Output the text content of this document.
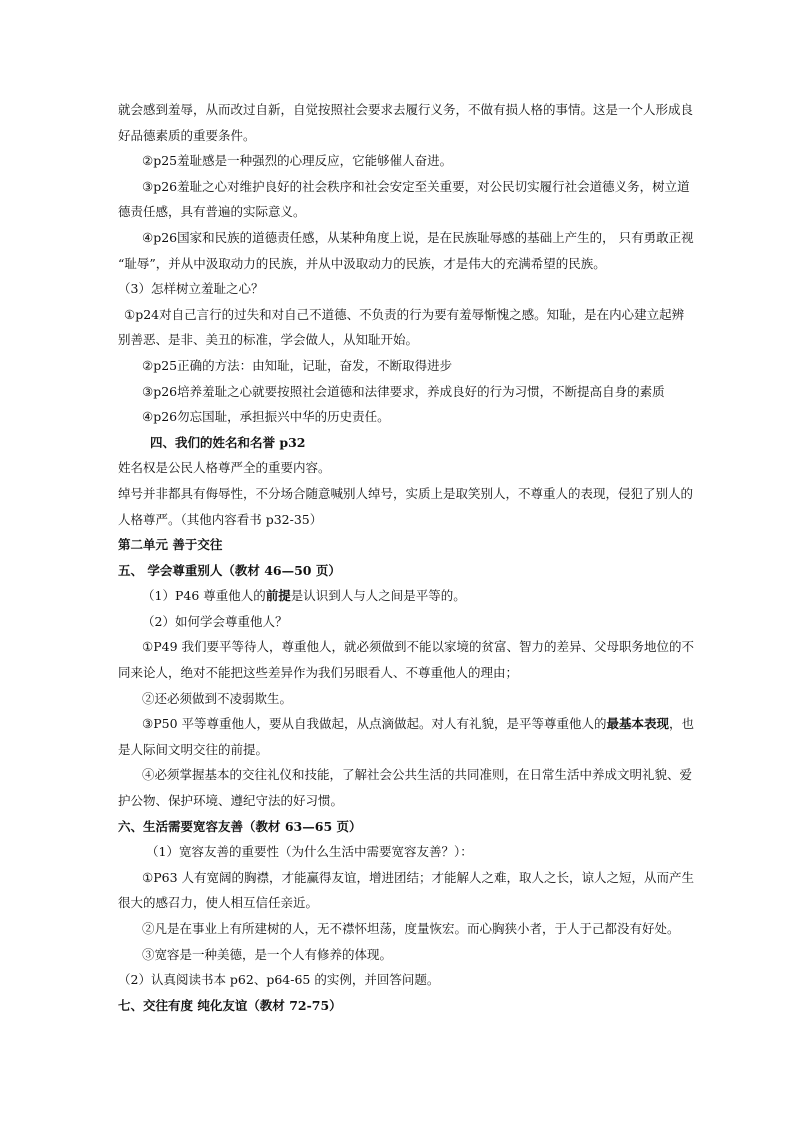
就会感到羞辱，从而改过自新，自觉按照社会要求去履行义务，不做有损人格的事情。这是一个人形成良
好品德素质的重要条件。
②p25羞耻感是一种强烈的心理反应，它能够催人奋进。
③p26羞耻之心对维护良好的社会秩序和社会安定至关重要，对公民切实履行社会道德义务，树立道
德责任感，具有普遍的实际意义。
④p26国家和民族的道德责任感，从某种角度上说，是在民族耻辱感的基础上产生的， 只有勇敢正视
“耻辱”，并从中汲取动力的民族，并从中汲取动力的民族，才是伟大的充满希望的民族。
（3）怎样树立羞耻之心？
①p24对自己言行的过失和对自己不道德、不负责的行为要有羞辱惭愧之感。知耻，是在内心建立起辨
别善恶、是非、美丑的标准，学会做人，从知耻开始。
②p25正确的方法：由知耻，记耻，奋发，不断取得进步
③p26培养羞耻之心就要按照社会道德和法律要求，养成良好的行为习惯，不断提高自身的素质
④p26勿忘国耻，承担振兴中华的历史责任。
四、我们的姓名和名誉 p32
姓名权是公民人格尊严全的重要内容。
绰号并非都具有侮辱性，不分场合随意喊别人绰号，实质上是取笑别人，不尊重人的表现，侵犯了别人的
人格尊严。（其他内容看书 p32-35）
第二单元 善于交往
五、 学会尊重别人（教材 46—50 页）
（1）P46 尊重他人的前提是认识到人与人之间是平等的。
（2）如何学会尊重他人？
①P49 我们要平等待人，尊重他人，就必须做到不能以家境的贫富、智力的差异、父母职务地位的不
同来论人，绝对不能把这些差异作为我们另眼看人、不尊重他人的理由；
②还必须做到不凌弱欺生。
③P50 平等尊重他人，要从自我做起，从点滴做起。对人有礼貌，是平等尊重他人的最基本表现，也
是人际间文明交往的前提。
④必须掌握基本的交往礼仪和技能，了解社会公共生活的共同准则，在日常生活中养成文明礼貌、爱
护公物、保护环境、遵纪守法的好习惯。
六、生活需要宽容友善（教材 63—65 页）
（1）宽容友善的重要性（为什么生活中需要宽容友善？）：
①P63 人有宽阔的胸襟，才能赢得友谊，增进团结；才能解人之难，取人之长，谅人之短，从而产生
很大的感召力，使人相互信任亲近。
②凡是在事业上有所建树的人，无不襟怀坦荡，度量恢宏。而心胸狭小者，于人于己都没有好处。
③宽容是一种美德，是一个人有修养的体现。
（2）认真阅读书本 p62、p64-65 的实例，并回答问题。
七、交往有度 纯化友谊（教材 72-75）
